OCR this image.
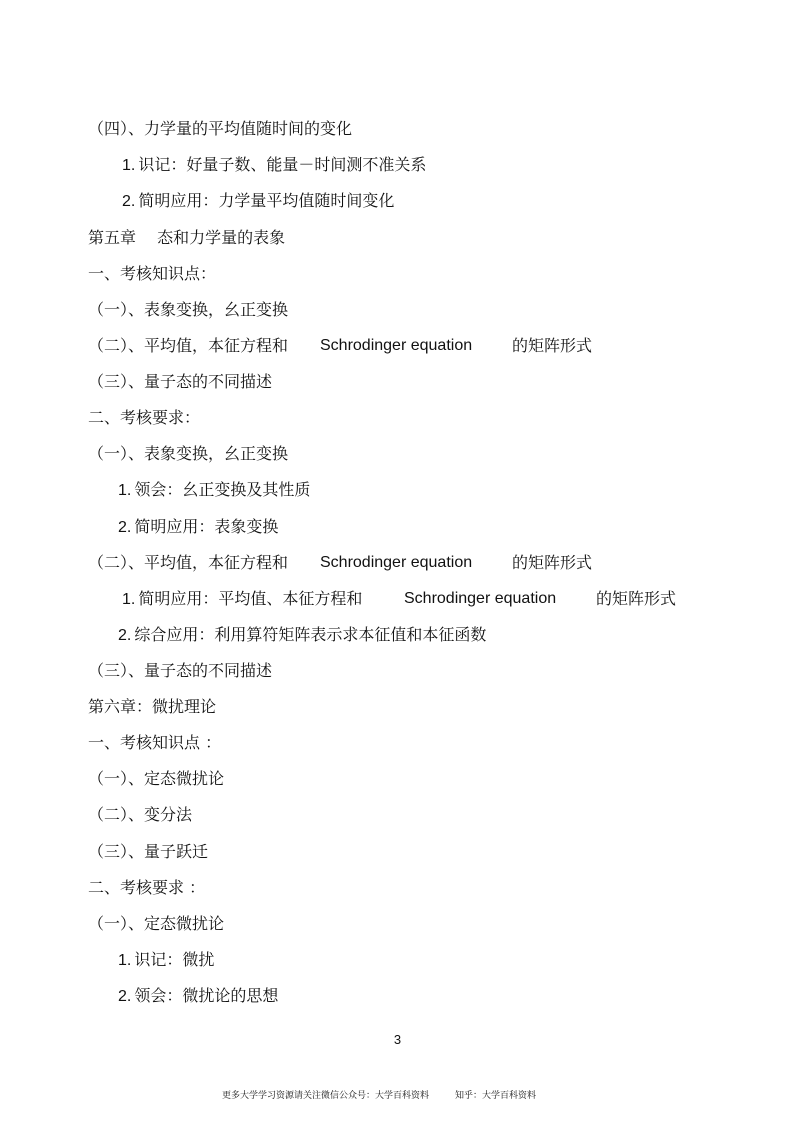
（四）、力学量的平均值随时间的变化
1. 识记：好量子数、能量－时间测不准关系
2. 简明应用：力学量平均值随时间变化
第五章　 态和力学量的表象
一、考核知识点：
（一）、表象变换，幺正变换
（二）、平均值，本征方程和 Schrodinger equation 的矩阵形式
（三）、量子态的不同描述
二、考核要求：
（一）、表象变换，幺正变换
1. 领会：幺正变换及其性质
2. 简明应用：表象变换
（二）、平均值，本征方程和 Schrodinger equation 的矩阵形式
1. 简明应用：平均值、本征方程和	Schrodinger equation 的矩阵形式
2. 综合应用：利用算符矩阵表示求本征值和本征函数
（三）、量子态的不同描述
第六章：微扰理论
一、考核知识点 ：
（一）、定态微扰论
（二）、变分法
（三）、量子跃迁
二、考核要求 ：
（一）、定态微扰论
1. 识记：微扰
2. 领会：微扰论的思想
3
更多大学学习资源请关注微信公众号：大学百科资料	知乎：大学百科资料
